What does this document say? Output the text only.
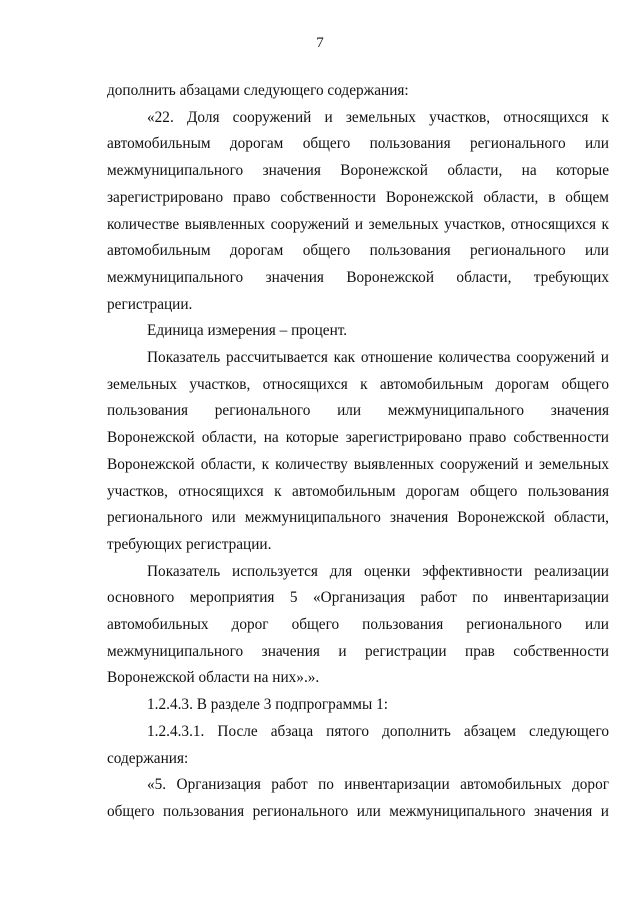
7

дополнить абзацами следующего содержания:

«22. Доля сооружений и земельных участков, относящихся к автомобильным дорогам общего пользования регионального или межмуниципального значения Воронежской области, на которые зарегистрировано право собственности Воронежской области, в общем количестве выявленных сооружений и земельных участков, относящихся к автомобильным дорогам общего пользования регионального или межмуниципального значения Воронежской области, требующих регистрации.

Единица измерения – процент.

Показатель рассчитывается как отношение количества сооружений и земельных участков, относящихся к автомобильным дорогам общего пользования регионального или межмуниципального значения Воронежской области, на которые зарегистрировано право собственности Воронежской области, к количеству выявленных сооружений и земельных участков, относящихся к автомобильным дорогам общего пользования регионального или межмуниципального значения Воронежской области, требующих регистрации.

Показатель используется для оценки эффективности реализации основного мероприятия 5 «Организация работ по инвентаризации автомобильных дорог общего пользования регионального или межмуниципального значения и регистрации прав собственности Воронежской области на них».».

1.2.4.3. В разделе 3 подпрограммы 1:

1.2.4.3.1. После абзаца пятого дополнить абзацем следующего содержания:

«5. Организация работ по инвентаризации автомобильных дорог общего пользования регионального или межмуниципального значения и
